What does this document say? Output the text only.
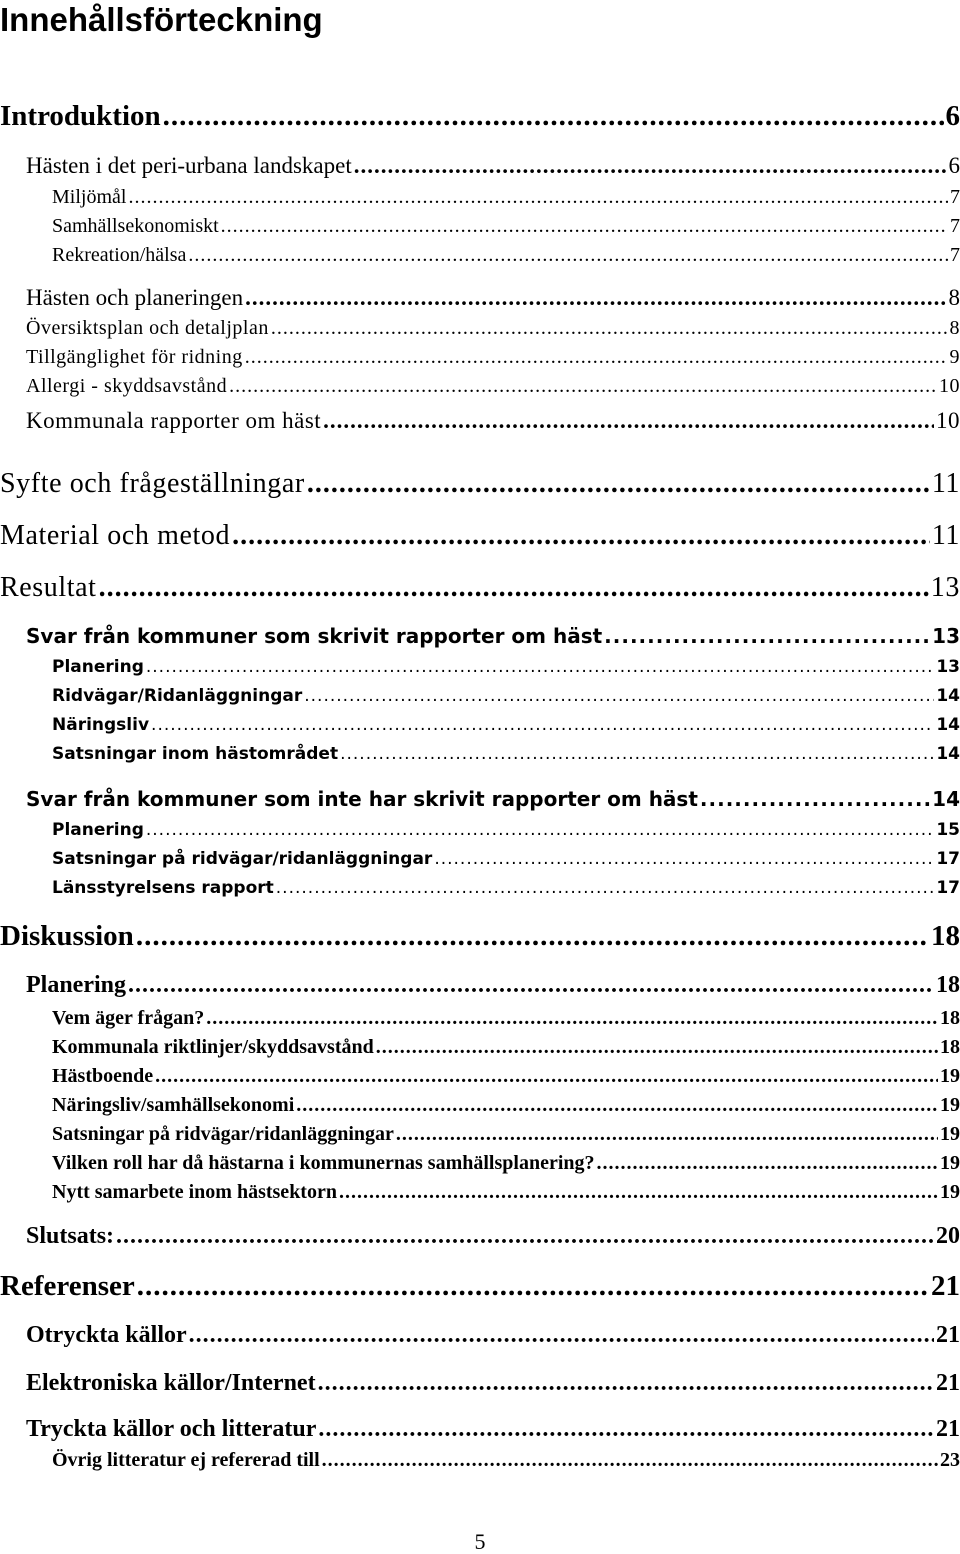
Innehållsförteckning
Introduktion .....	6
Hästen i det peri-urbana landskapet .....	6
Miljömål .....	7
Samhällsekonomiskt .....	7
Rekreation/hälsa .....	7
Hästen och planeringen .....	8
Översiktsplan och detaljplan .....	8
Tillgänglighet för ridning .....	9
Allergi - skyddsavstånd .....	10
Kommunala rapporter om häst .....	10
Syfte och frågeställningar .....	11
Material och metod .....	11
Resultat .....	13
Svar från kommuner som skrivit rapporter om häst .....	13
Planering .....	13
Ridvägar/Ridanläggningar .....	14
Näringsliv .....	14
Satsningar inom hästområdet .....	14
Svar från kommuner som inte har skrivit rapporter om häst .....	14
Planering .....	15
Satsningar på ridvägar/ridanläggningar .....	17
Länsstyrelsens rapport .....	17
Diskussion .....	18
Planering .....	18
Vem äger frågan? .....	18
Kommunala riktlinjer/skyddsavstånd .....	18
Hästboende .....	19
Näringsliv/samhällsekonomi .....	19
Satsningar på ridvägar/ridanläggningar .....	19
Vilken roll har då hästarna i kommunernas samhällsplanering? .....	19
Nytt samarbete inom hästsektorn .....	19
Slutsats: .....	20
Referenser .....	21
Otryckta källor .....	21
Elektroniska källor/Internet .....	21
Tryckta källor och litteratur .....	21
Övrig litteratur ej refererad till .....	23
5
